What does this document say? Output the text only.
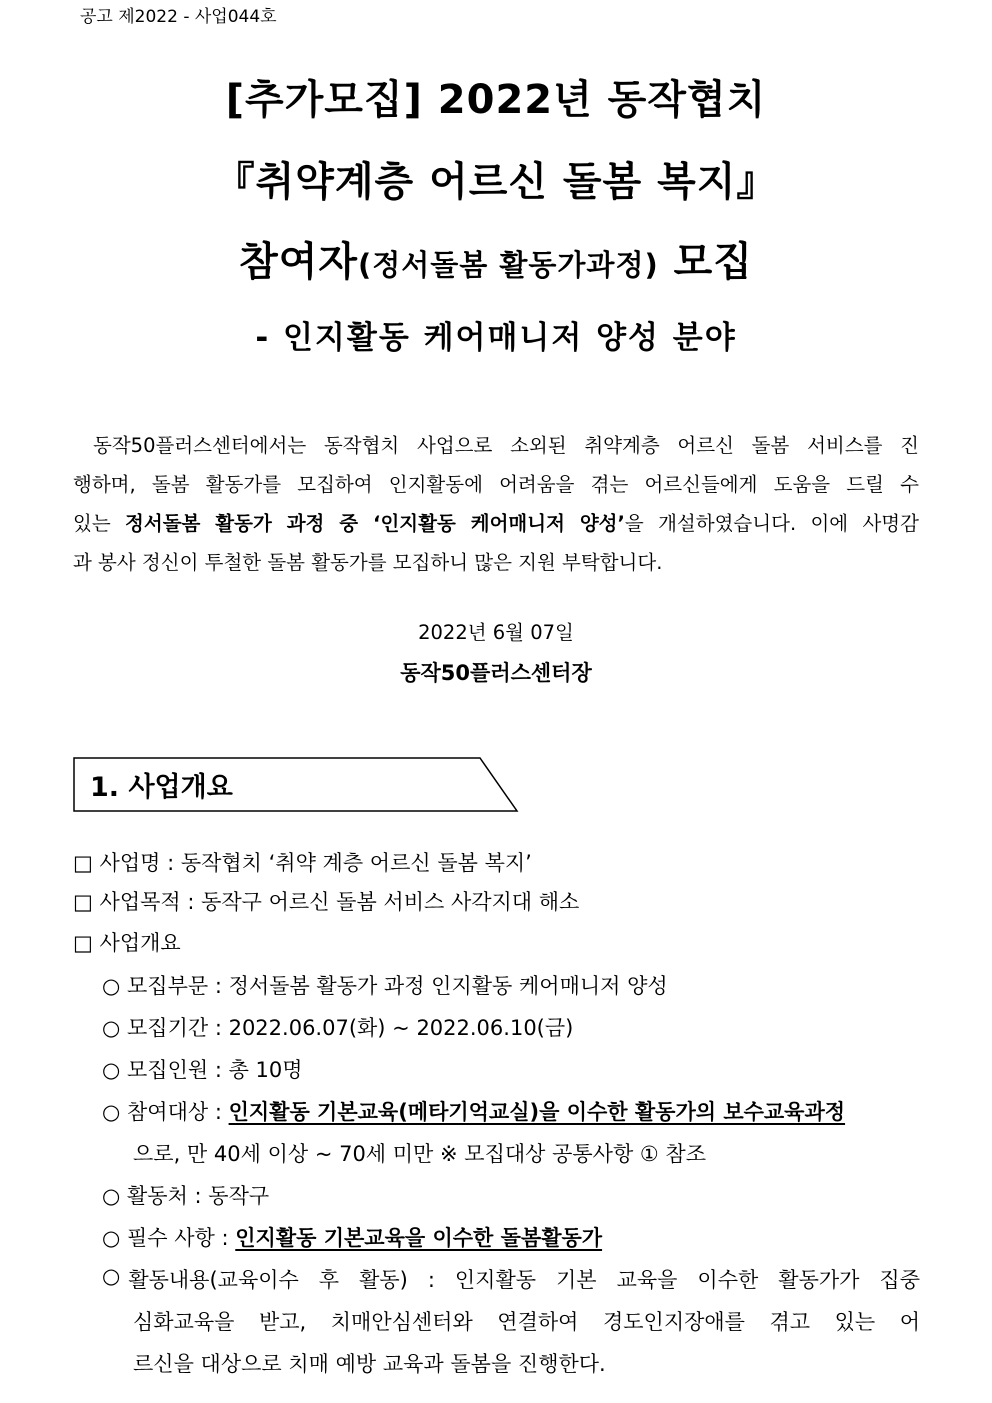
공고 제2022 - 사업044호
[추가모집] 2022년 동작협치
『취약계층 어르신 돌봄 복지』
참여자(정서돌봄 활동가과정) 모집
- 인지활동 케어매니저 양성 분야
동작50플러스센터에서는 동작협치 사업으로 소외된 취약계층 어르신 돌봄 서비스를 진
행하며, 돌봄 활동가를 모집하여 인지활동에 어려움을 겪는 어르신들에게 도움을 드릴 수
있는 정서돌봄 활동가 과정 중 ‘인지활동 케어매니저 양성’을 개설하였습니다. 이에 사명감
과 봉사 정신이 투철한 돌봄 활동가를 모집하니 많은 지원 부탁합니다.
2022년 6월 07일
동작50플러스센터장
1. 사업개요
□ 사업명 : 동작협치 ‘취약 계층 어르신 돌봄 복지’
□ 사업목적 : 동작구 어르신 돌봄 서비스 사각지대 해소
□ 사업개요
○ 모집부문 : 정서돌봄 활동가 과정 인지활동 케어매니저 양성
○ 모집기간 : 2022.06.07(화) ~ 2022.06.10(금)
○ 모집인원 : 총 10명
○ 참여대상 : 인지활동 기본교육(메타기억교실)을 이수한 활동가의 보수교육과정
으로, 만 40세 이상 ~ 70세 미만 ※ 모집대상 공통사항 ① 참조
○ 활동처 : 동작구
○ 필수 사항 : 인지활동 기본교육을 이수한 돌봄활동가
○ 활동내용(교육이수 후 활동) : 인지활동 기본 교육을 이수한 활동가가 집중
심화교육을 받고, 치매안심센터와 연결하여 경도인지장애를 겪고 있는 어
르신을 대상으로 치매 예방 교육과 돌봄을 진행한다.
